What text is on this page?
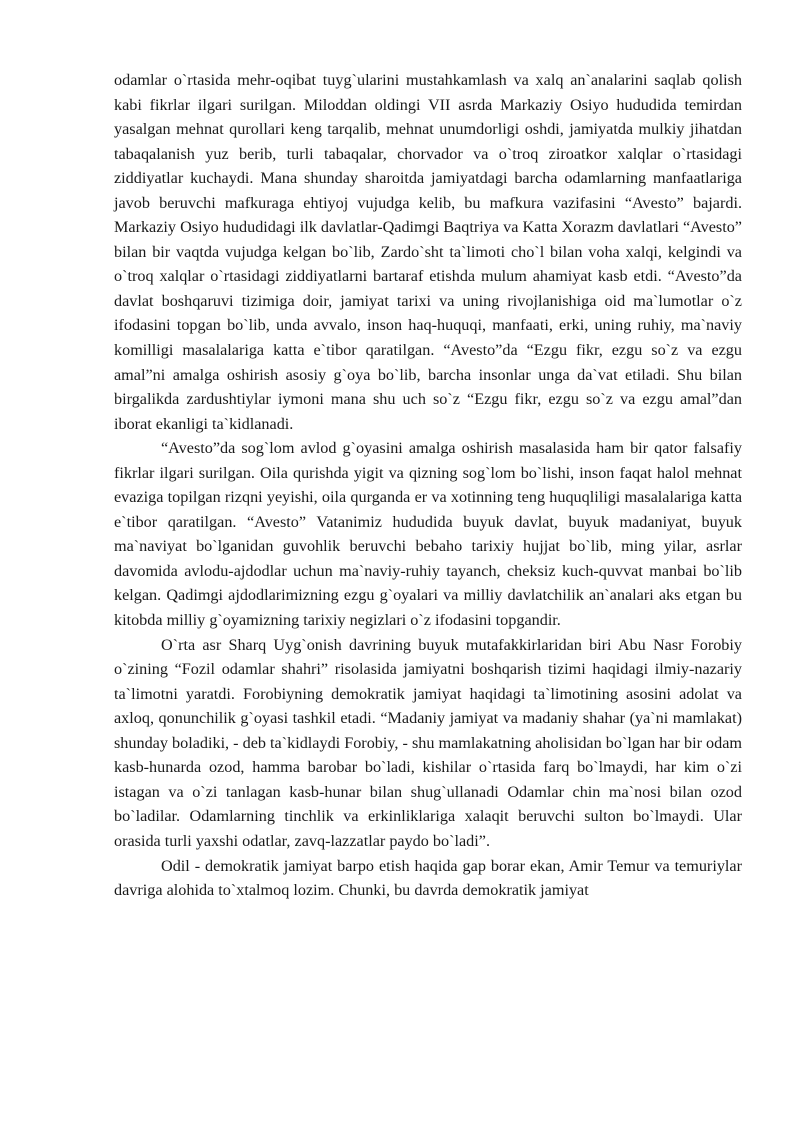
odamlar o`rtasida mehr-oqibat tuyg`ularini mustahkamlash va xalq an`analarini saqlab qolish kabi fikrlar ilgari surilgan. Miloddan oldingi VII asrda Markaziy Osiyo hududida temirdan yasalgan mehnat qurollari keng tarqalib, mehnat unumdorligi oshdi, jamiyatda mulkiy jihatdan tabaqalanish yuz berib, turli tabaqalar, chorvador va o`troq ziroatkor xalqlar o`rtasidagi ziddiyatlar kuchaydi. Mana shunday sharoitda jamiyatdagi barcha odamlarning manfaatlariga javob beruvchi mafkuraga ehtiyoj vujudga kelib, bu mafkura vazifasini “Avesto” bajardi. Markaziy Osiyo hududidagi ilk davlatlar-Qadimgi Baqtriya va Katta Xorazm davlatlari “Avesto” bilan bir vaqtda vujudga kelgan bo`lib, Zardo`sht ta`limoti cho`l bilan voha xalqi, kelgindi va o`troq xalqlar o`rtasidagi ziddiyatlarni bartaraf etishda mulum ahamiyat kasb etdi. “Avesto”da davlat boshqaruvi tizimiga doir, jamiyat tarixi va uning rivojlanishiga oid ma`lumotlar o`z ifodasini topgan bo`lib, unda avvalo, inson haq-huquqi, manfaati, erki, uning ruhiy, ma`naviy komilligi masalalariga katta e`tibor qaratilgan. “Avesto”da “Ezgu fikr, ezgu so`z va ezgu amal”ni amalga oshirish asosiy g`oya bo`lib, barcha insonlar unga da`vat etiladi. Shu bilan birgalikda zardushtiylar iymoni mana shu uch so`z “Ezgu fikr, ezgu so`z va ezgu amal”dan iborat ekanligi ta`kidlanadi.

“Avesto”da sog`lom avlod g`oyasini amalga oshirish masalasida ham bir qator falsafiy fikrlar ilgari surilgan. Oila qurishda yigit va qizning sog`lom bo`lishi, inson faqat halol mehnat evaziga topilgan rizqni yeyishi, oila qurganda er va xotinning teng huquqliligi masalalariga katta e`tibor qaratilgan. “Avesto” Vatanimiz hududida buyuk davlat, buyuk madaniyat, buyuk ma`naviyat bo`lganidan guvohlik beruvchi bebaho tarixiy hujjat bo`lib, ming yilar, asrlar davomida avlodu-ajdodlar uchun ma`naviy-ruhiy tayanch, cheksiz kuch-quvvat manbai bo`lib kelgan. Qadimgi ajdodlarimizning ezgu g`oyalari va milliy davlatchilik an`analari aks etgan bu kitobda milliy g`oyamizning tarixiy negizlari o`z ifodasini topgandir.

O`rta asr Sharq Uyg`onish davrining buyuk mutafakkirlaridan biri Abu Nasr Forobiy o`zining “Fozil odamlar shahri” risolasida jamiyatni boshqarish tizimi haqidagi ilmiy-nazariy ta`limotni yaratdi. Forobiyning demokratik jamiyat haqidagi ta`limotining asosini adolat va axloq, qonunchilik g`oyasi tashkil etadi. “Madaniy jamiyat va madaniy shahar (ya`ni mamlakat) shunday boladiki, - deb ta`kidlaydi Forobiy, - shu mamlakatning aholisidan bo`lgan har bir odam kasb-hunarda ozod, hamma barobar bo`ladi, kishilar o`rtasida farq bo`lmaydi, har kim o`zi istagan va o`zi tanlagan kasb-hunar bilan shug`ullanadi Odamlar chin ma`nosi bilan ozod bo`ladilar. Odamlarning tinchlik va erkinliklariga xalaqit beruvchi sulton bo`lmaydi. Ular orasida turli yaxshi odatlar, zavq-lazzatlar paydo bo`ladi”.

Odil - demokratik jamiyat barpo etish haqida gap borar ekan, Amir Temur va temuriylar davriga alohida to`xtalmoq lozim. Chunki, bu davrda demokratik jamiyat
